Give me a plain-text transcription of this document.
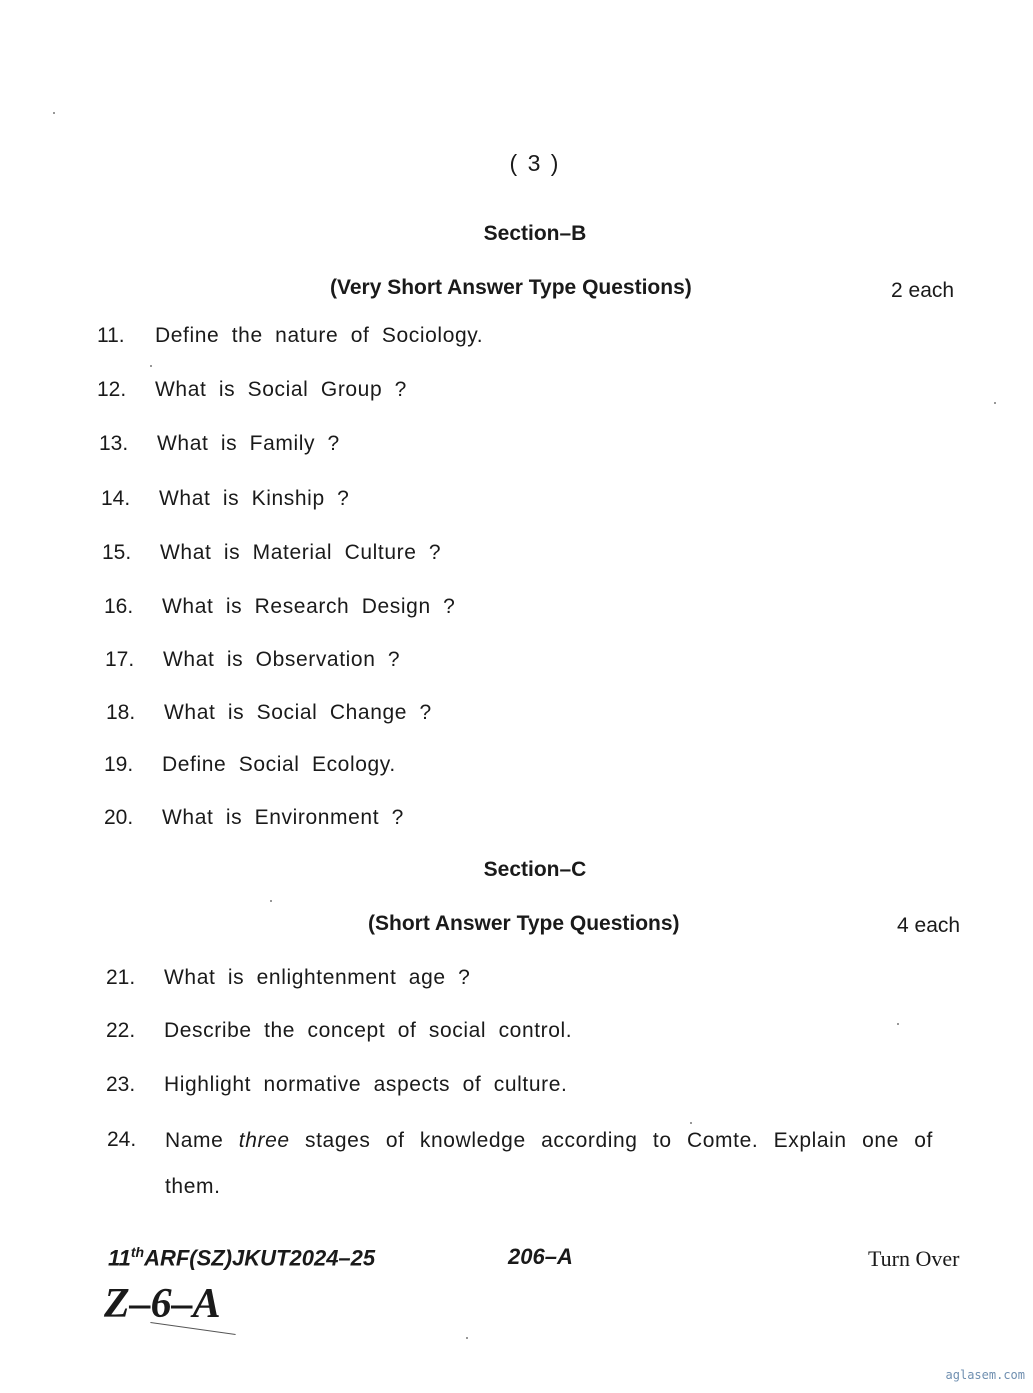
( 3 )
Section–B
(Very Short Answer Type Questions)	2 each
11. Define the nature of Sociology.
12. What is Social Group ?
13. What is Family ?
14. What is Kinship ?
15. What is Material Culture ?
16. What is Research Design ?
17. What is Observation ?
18. What is Social Change ?
19. Define Social Ecology.
20. What is Environment ?
Section–C
(Short Answer Type Questions)	4 each
21. What is enlightenment age ?
22. Describe the concept of social control.
23. Highlight normative aspects of culture.
24. Name three stages of knowledge according to Comte. Explain one of them.
11thARF(SZ)JKUT2024–25	206–A	Turn Over
Z–6–A
aglasem.com
